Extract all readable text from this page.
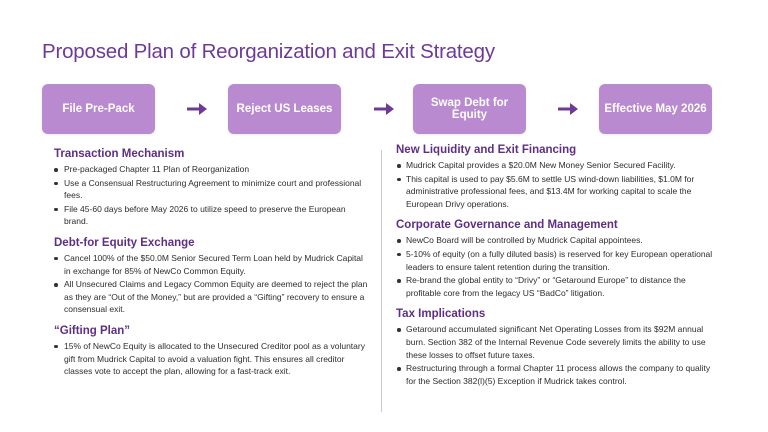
Proposed Plan of Reorganization and Exit Strategy
File Pre-Pack	Reject US Leases	Swap Debt for Equity	Effective May 2026
Transaction Mechanism
Pre-packaged Chapter 11 Plan of Reorganization
Use a Consensual Restructuring Agreement to minimize court and professional fees.
File 45-60 days before May 2026 to utilize speed to preserve the European brand.
Debt-for Equity Exchange
Cancel 100% of the $50.0M Senior Secured Term Loan held by Mudrick Capital in exchange for 85% of NewCo Common Equity.
All Unsecured Claims and Legacy Common Equity are deemed to reject the plan as they are “Out of the Money,” but are provided a “Gifting” recovery to ensure a consensual exit.
“Gifting Plan”
15% of NewCo Equity is allocated to the Unsecured Creditor pool as a voluntary gift from Mudrick Capital to avoid a valuation fight. This ensures all creditor classes vote to accept the plan, allowing for a fast-track exit.
New Liquidity and Exit Financing
Mudrick Capital provides a $20.0M New Money Senior Secured Facility.
This capital is used to pay $5.6M to settle US wind-down liabilities, $1.0M for administrative professional fees, and $13.4M for working capital to scale the European Drivy operations.
Corporate Governance and Management
NewCo Board will be controlled by Mudrick Capital appointees.
5-10% of equity (on a fully diluted basis) is reserved for key European operational leaders to ensure talent retention during the transition.
Re-brand the global entity to “Drivy” or “Getaround Europe” to distance the profitable core from the legacy US “BadCo” litigation.
Tax Implications
Getaround accumulated significant Net Operating Losses from its $92M annual burn. Section 382 of the Internal Revenue Code severely limits the ability to use these losses to offset future taxes.
Restructuring through a formal Chapter 11 process allows the company to quality for the Section 382(l)(5) Exception if Mudrick takes control.
